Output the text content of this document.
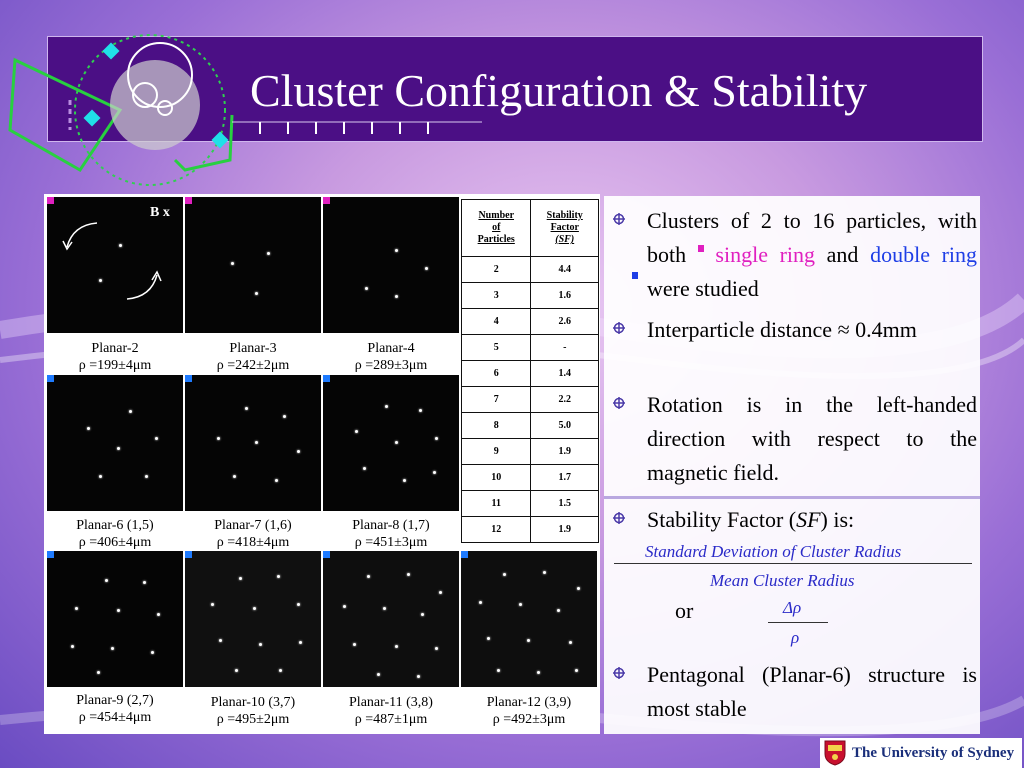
Cluster Configuration & Stability
B x
Planar-2
ρ =199±4μm
Planar-3
ρ =242±2μm
Planar-4
ρ =289±3μm
Planar-6 (1,5)
ρ =406±4μm
Planar-7 (1,6)
ρ =418±4μm
Planar-8 (1,7)
ρ =451±3μm
Planar-9 (2,7)
ρ =454±4μm
Planar-10 (3,7)
ρ =495±2μm
Planar-11 (3,8)
ρ =487±1μm
Planar-12 (3,9)
ρ =492±3μm
Number
of
Particles	Stability
Factor
(SF)
2	4.4
3	1.6
4	2.6
5	-
6	1.4
7	2.2
8	5.0
9	1.9
10	1.7
11	1.5
12	1.9
Clusters of 2 to 16 particles, with both single ring and double ring were studied
Interparticle distance ≈ 0.4mm
Rotation is in the left-handed direction with respect to the magnetic field.
Stability Factor (SF) is:
Standard Deviation of Cluster Radius
Mean Cluster Radius
or	Δρ
ρ
Pentagonal (Planar-6) structure is most stable
The University of Sydney
